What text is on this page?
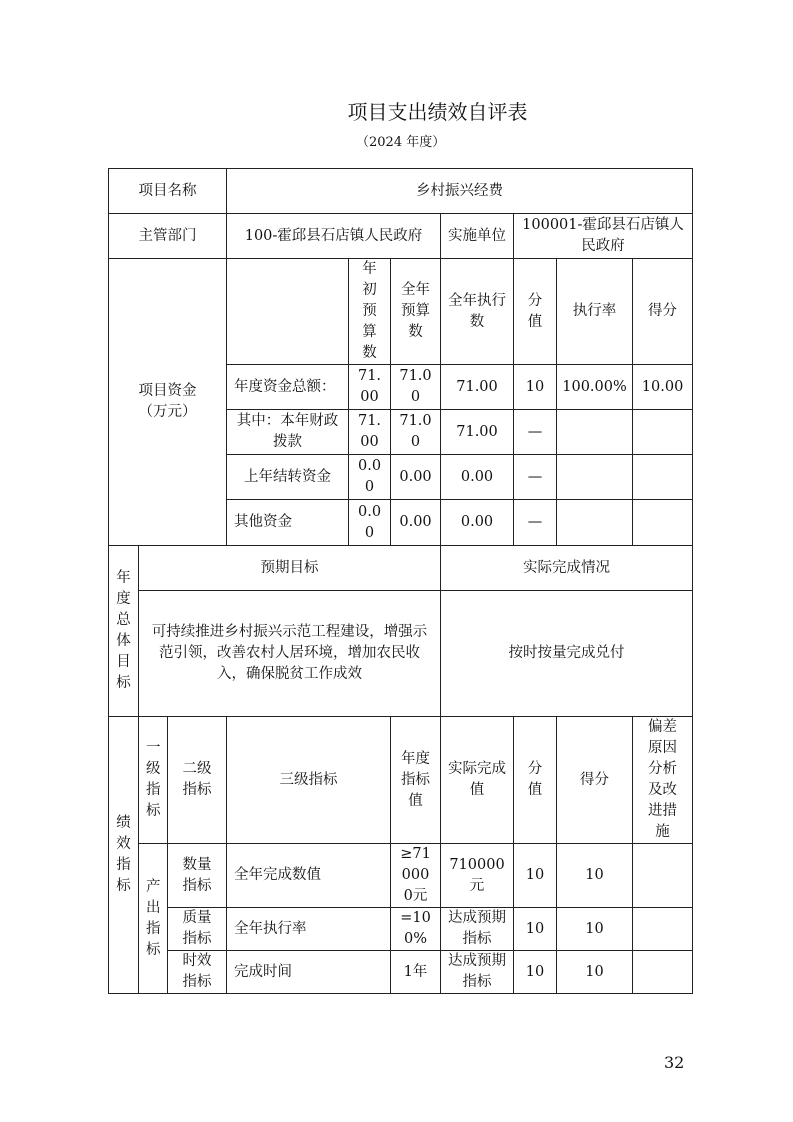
项目支出绩效自评表
（2024 年度）
项目名称			乡村振兴经费						
主管部门			100-霍邱县石店镇人民政府			实施单位	100001-霍邱县石店镇人民政府		
项目资金（万元）				年初预算数	全年预算数	全年执行数	分值	执行率	得分
			年度资金总额：	71.00	71.00	71.00	10	100.00%	10.00
			其中：本年财政拨款	71.00	71.00	71.00	—		
			上年结转资金	0.00	0.00	0.00	—		
			其他资金	0.00	0.00	0.00	—		
年度总体目标	预期目标					实际完成情况			
	可持续推进乡村振兴示范工程建设，增强示范引领，改善农村人居环境，增加农民收入，确保脱贫工作成效					按时按量完成兑付			
绩效指标	一级指标	二级指标	三级指标		年度指标值	实际完成值	分值	得分	偏差原因分析及改进措施
	产出指标	数量指标	全年完成数值		≥710000元	710000元	10	10	
		质量指标	全年执行率		=100%	达成预期指标	10	10	
		时效指标	完成时间		1年	达成预期指标	10	10	
32
